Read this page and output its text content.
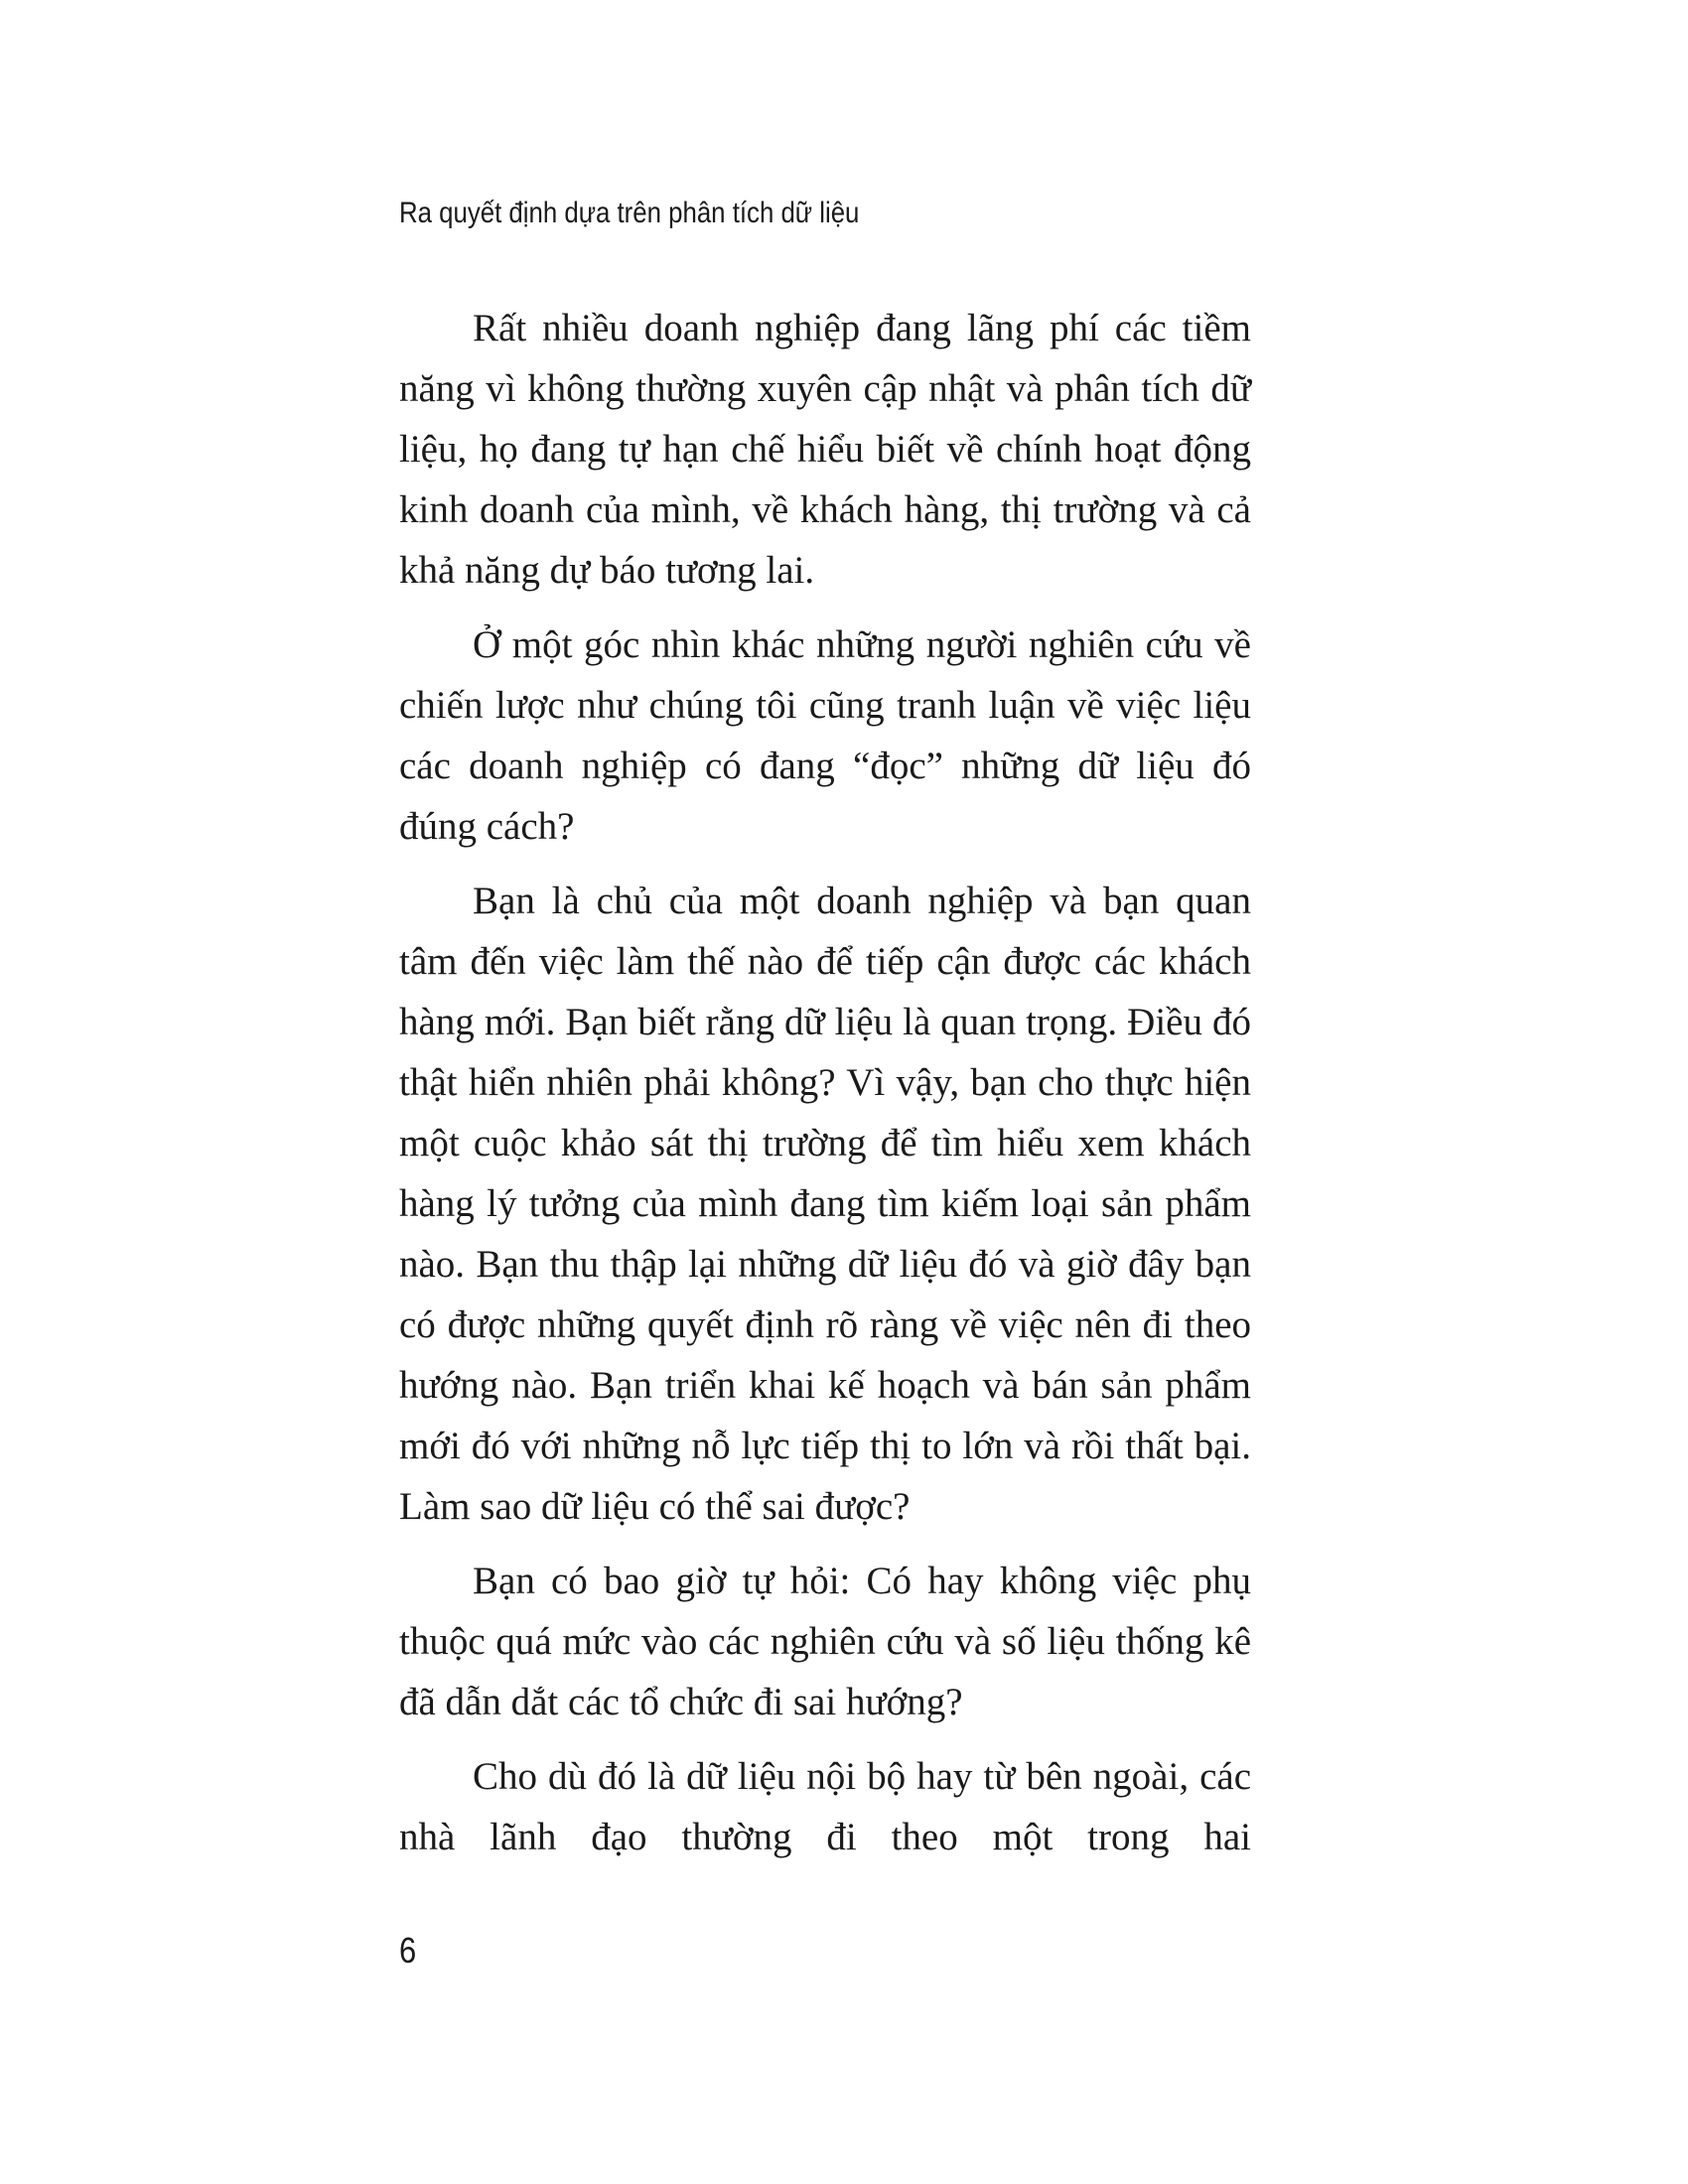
Ra quyết định dựa trên phân tích dữ liệu

Rất nhiều doanh nghiệp đang lãng phí các tiềm năng vì không thường xuyên cập nhật và phân tích dữ liệu, họ đang tự hạn chế hiểu biết về chính hoạt động kinh doanh của mình, về khách hàng, thị trường và cả khả năng dự báo tương lai.

Ở một góc nhìn khác những người nghiên cứu về chiến lược như chúng tôi cũng tranh luận về việc liệu các doanh nghiệp có đang “đọc” những dữ liệu đó đúng cách?

Bạn là chủ của một doanh nghiệp và bạn quan tâm đến việc làm thế nào để tiếp cận được các khách hàng mới. Bạn biết rằng dữ liệu là quan trọng. Điều đó thật hiển nhiên phải không? Vì vậy, bạn cho thực hiện một cuộc khảo sát thị trường để tìm hiểu xem khách hàng lý tưởng của mình đang tìm kiếm loại sản phẩm nào. Bạn thu thập lại những dữ liệu đó và giờ đây bạn có được những quyết định rõ ràng về việc nên đi theo hướng nào. Bạn triển khai kế hoạch và bán sản phẩm mới đó với những nỗ lực tiếp thị to lớn và rồi thất bại. Làm sao dữ liệu có thể sai được?

Bạn có bao giờ tự hỏi: Có hay không việc phụ thuộc quá mức vào các nghiên cứu và số liệu thống kê đã dẫn dắt các tổ chức đi sai hướng?

Cho dù đó là dữ liệu nội bộ hay từ bên ngoài, các nhà lãnh đạo thường đi theo một trong hai

6
